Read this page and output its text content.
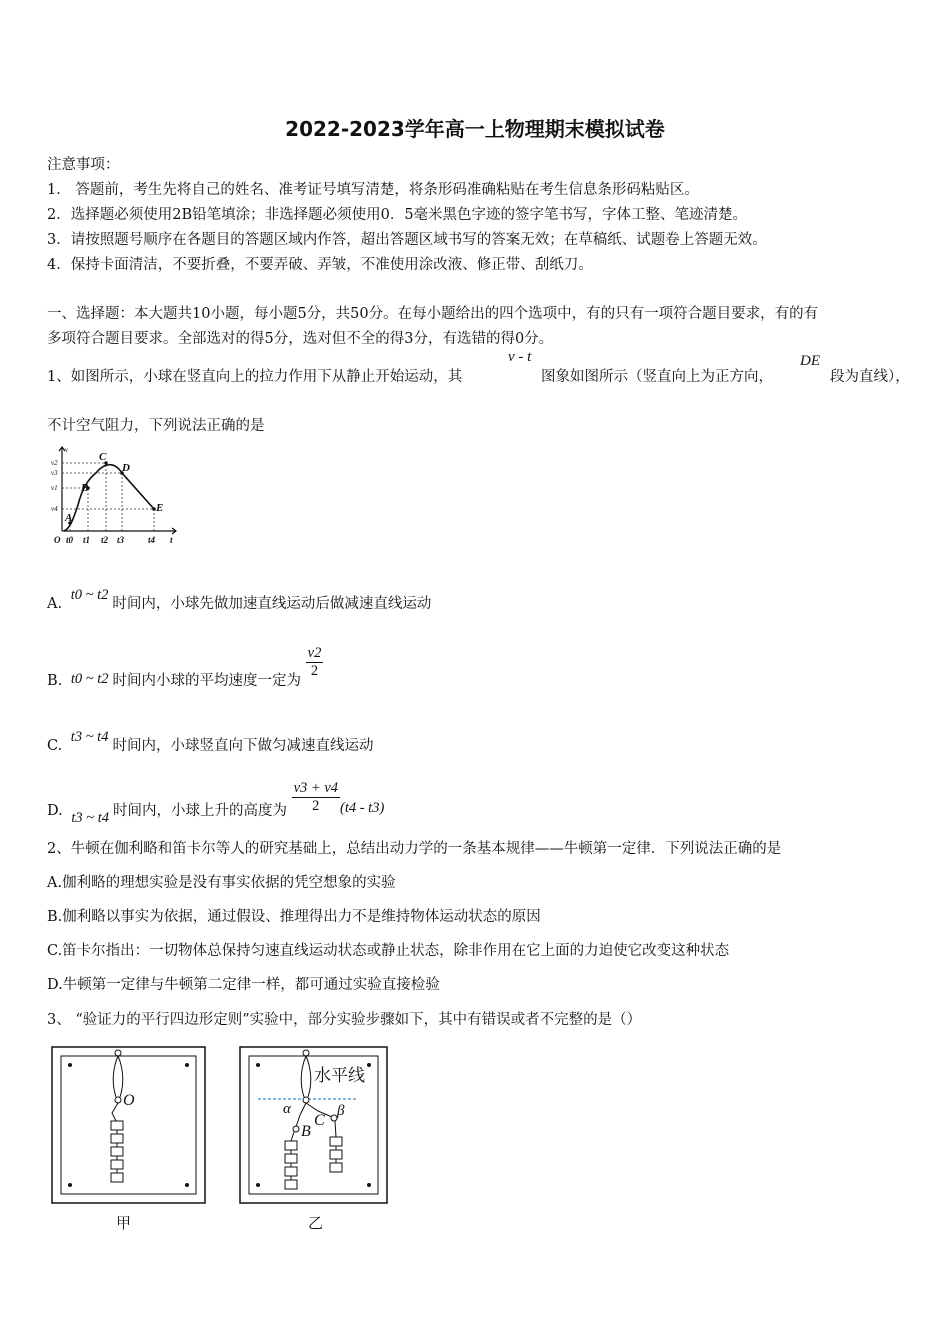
2022-2023学年高一上物理期末模拟试卷
注意事项：
1． 答题前，考生先将自己的姓名、准考证号填写清楚，将条形码准确粘贴在考生信息条形码粘贴区。
2．选择题必须使用2B铅笔填涂；非选择题必须使用0．5毫米黑色字迹的签字笔书写，字体工整、笔迹清楚。
3．请按照题号顺序在各题目的答题区域内作答，超出答题区域书写的答案无效；在草稿纸、试题卷上答题无效。
4．保持卡面清洁，不要折叠，不要弄破、弄皱，不准使用涂改液、修正带、刮纸刀。
一、选择题：本大题共10小题，每小题5分，共50分。在每小题给出的四个选项中，有的只有一项符合题目要求，有的有
多项符合题目要求。全部选对的得5分，选对但不全的得3分，有选错的得0分。
1、如图所示，小球在竖直向上的拉力作用下从静止开始运动，其
v - t
图象如图所示（竖直向上为正方向，
DE
段为直线），
不计空气阻力，下列说法正确的是
A
B
C
D
E
v
v2
v3
v1
v4
O t0 t1 t2 t3	t4 t
A. t0 ~ t2时间内，小球先做加速直线运动后做减速直线运动
B. t0 ~ t2 时间内小球的平均速度一定为
$\frac{v2}{2}$
C. t3 ~ t4时间内，小球竖直向下做匀减速直线运动
D. t3 ~ t4 时间内，小球上升的高度为 $\frac{v3 + v4}{2} (t4 - t3)$
2、牛顿在伽利略和笛卡尔等人的研究基础上，总结出动力学的一条基本规律——牛顿第一定律．下列说法正确的是
A.伽利略的理想实验是没有事实依据的凭空想象的实验
B.伽利略以事实为依据，通过假设、推理得出力不是维持物体运动状态的原因
C.笛卡尔指出：一切物体总保持匀速直线运动状态或静止状态，除非作用在它上面的力迫使它改变这种状态
D.牛顿第一定律与牛顿第二定律一样，都可通过实验直接检验
3、 “验证力的平行四边形定则”实验中，部分实验步骤如下，其中有错误或者不完整的是（）
O
甲
水平线
α	β
B
C
乙
